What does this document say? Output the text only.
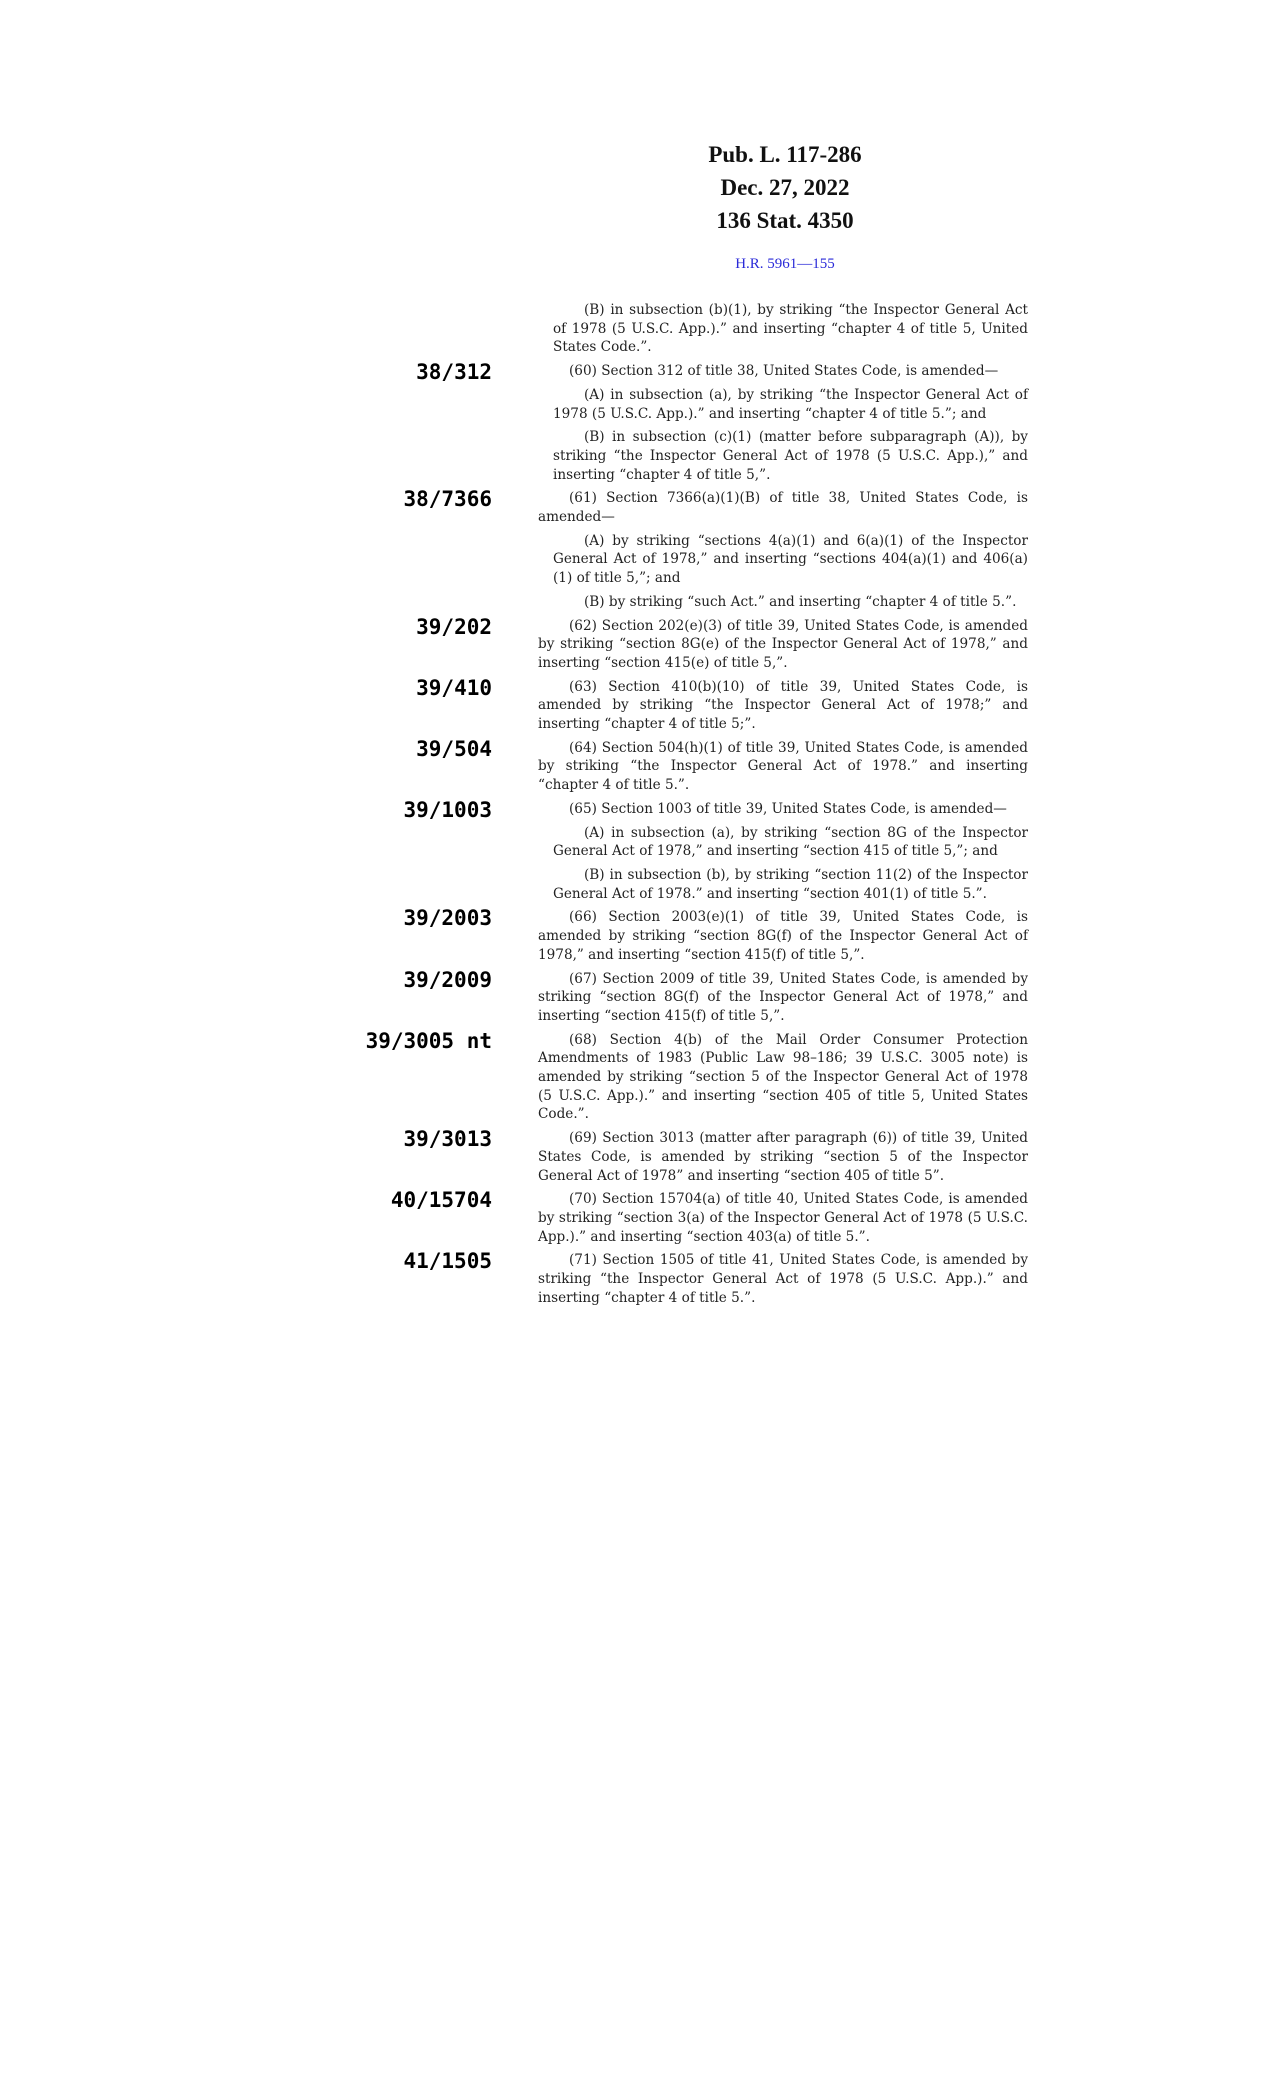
Pub. L. 117-286
Dec. 27, 2022
136 Stat. 4350
H.R. 5961—155
(B) in subsection (b)(1), by striking “the Inspector General Act of 1978 (5 U.S.C. App.).” and inserting “chapter 4 of title 5, United States Code.”.
38/312	(60) Section 312 of title 38, United States Code, is amended—
(A) in subsection (a), by striking “the Inspector General Act of 1978 (5 U.S.C. App.).” and inserting “chapter 4 of title 5.”; and
(B) in subsection (c)(1) (matter before subparagraph (A)), by striking “the Inspector General Act of 1978 (5 U.S.C. App.),” and inserting “chapter 4 of title 5,”.
38/7366	(61) Section 7366(a)(1)(B) of title 38, United States Code, is amended—
(A) by striking “sections 4(a)(1) and 6(a)(1) of the Inspector General Act of 1978,” and inserting “sections 404(a)(1) and 406(a)(1) of title 5,”; and
(B) by striking “such Act.” and inserting “chapter 4 of title 5.”.
39/202	(62) Section 202(e)(3) of title 39, United States Code, is amended by striking “section 8G(e) of the Inspector General Act of 1978,” and inserting “section 415(e) of title 5,”.
39/410	(63) Section 410(b)(10) of title 39, United States Code, is amended by striking “the Inspector General Act of 1978;” and inserting “chapter 4 of title 5;”.
39/504	(64) Section 504(h)(1) of title 39, United States Code, is amended by striking “the Inspector General Act of 1978.” and inserting “chapter 4 of title 5.”.
39/1003	(65) Section 1003 of title 39, United States Code, is amended—
(A) in subsection (a), by striking “section 8G of the Inspector General Act of 1978,” and inserting “section 415 of title 5,”; and
(B) in subsection (b), by striking “section 11(2) of the Inspector General Act of 1978.” and inserting “section 401(1) of title 5.”.
39/2003	(66) Section 2003(e)(1) of title 39, United States Code, is amended by striking “section 8G(f) of the Inspector General Act of 1978,” and inserting “section 415(f) of title 5,”.
39/2009	(67) Section 2009 of title 39, United States Code, is amended by striking “section 8G(f) of the Inspector General Act of 1978,” and inserting “section 415(f) of title 5,”.
39/3005 nt	(68) Section 4(b) of the Mail Order Consumer Protection Amendments of 1983 (Public Law 98–186; 39 U.S.C. 3005 note) is amended by striking “section 5 of the Inspector General Act of 1978 (5 U.S.C. App.).” and inserting “section 405 of title 5, United States Code.”.
39/3013	(69) Section 3013 (matter after paragraph (6)) of title 39, United States Code, is amended by striking “section 5 of the Inspector General Act of 1978” and inserting “section 405 of title 5”.
40/15704	(70) Section 15704(a) of title 40, United States Code, is amended by striking “section 3(a) of the Inspector General Act of 1978 (5 U.S.C. App.).” and inserting “section 403(a) of title 5.”.
41/1505	(71) Section 1505 of title 41, United States Code, is amended by striking “the Inspector General Act of 1978 (5 U.S.C. App.).” and inserting “chapter 4 of title 5.”.
